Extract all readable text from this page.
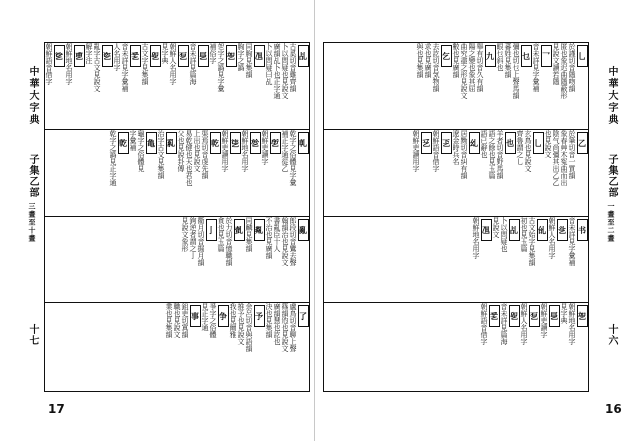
中華大字典
子集乙部 三畫至十畫
十七
乩
古奚切音雞齊韻
卜以問疑也見說文
廣韻乩卜也正字通
卜以問疑曰乩
乪
同胸見集韻
胸字之譌
乫
乫字之譌見字彙
補俗字
乬
音未詳見篇海
乭
朝鮮人名用字
見字典
乮
古文字見集韻
乯
音未詳見字彙補
人名用字
乲
亂字古文見說文
解字注
乶
朝鮮地名用字
乷
朝鮮語音借字
乹
乾字之俗體見字彙
補正字通從乙
乺
朝鮮吏讀字
乻
朝鮮地名用字
乼
朝鮮吏讀用字
乾
渠焉切音虔先韻
上出也見說文
易乾健也天也君也
父也見說卦傳
乿
治字古文見集韻
亀
龜字之俗體見
字彙補
亁
乾字之譌見正字通
亂
郎段切音鸞去聲
翰韻治也見說文
書亂臣十人
不治也見廣韻
亃
同麟見集韻
亄
於力切音憶職韻
貪也見玉篇
亅
衢月切音掘月韻
鉤逆者謂之亅
見說文象形
了
盧鳥切音聊上聲
篠韻尦也見說文
廣韻慧也訖也
決也見集韻
予
余呂切音與語韻
推予也見說文
我也見爾雅
争
爭字之俗體
見正字通
事
鉏吏切寘韻
職也見說文
業也見集韻
17
乚
於謹切音隱吻韻
匿也象迟曲隱蔽形
見說文讀若隱
乛
音未詳見字彙補
乜
彌也切乜上聲馬韻
蕃姓見集韻
眼乜斜也
九
舉有切音久有韻
陽之變也象其屈
曲究盡之形見說文
數也見廣韻
乞
去訖切音気物韻
求也見廣韻
與也見集韻
乙
於筆切音一質韻
象春艸木冤曲而出
陰气尚彊其出乙乙
也見說文
乚
玄鳥也見說文
齊魯謂之乚
也
羊者切音野馬韻
語之餘也見玉篇
語已辭也
乣
居黝切音糾有韻
遼金時兵名
乤
朝鮮語音借字
乥
朝鮮吏讀用字
书
音未詳見字彙補
乧
朝鮮人名用字
乨
古文始字見集韻
初也見玉篇
乩
卜以問疑也
見說文
乪
朝鮮地名用字
乫
朝鮮地名用字
見字典
乬
朝鮮吏讀字
乭
朝鮮人名用字
乮
音未詳見篇海
乯
朝鮮語音借字
中華大字典
子集乙部 一畫至二畫
十六
16
